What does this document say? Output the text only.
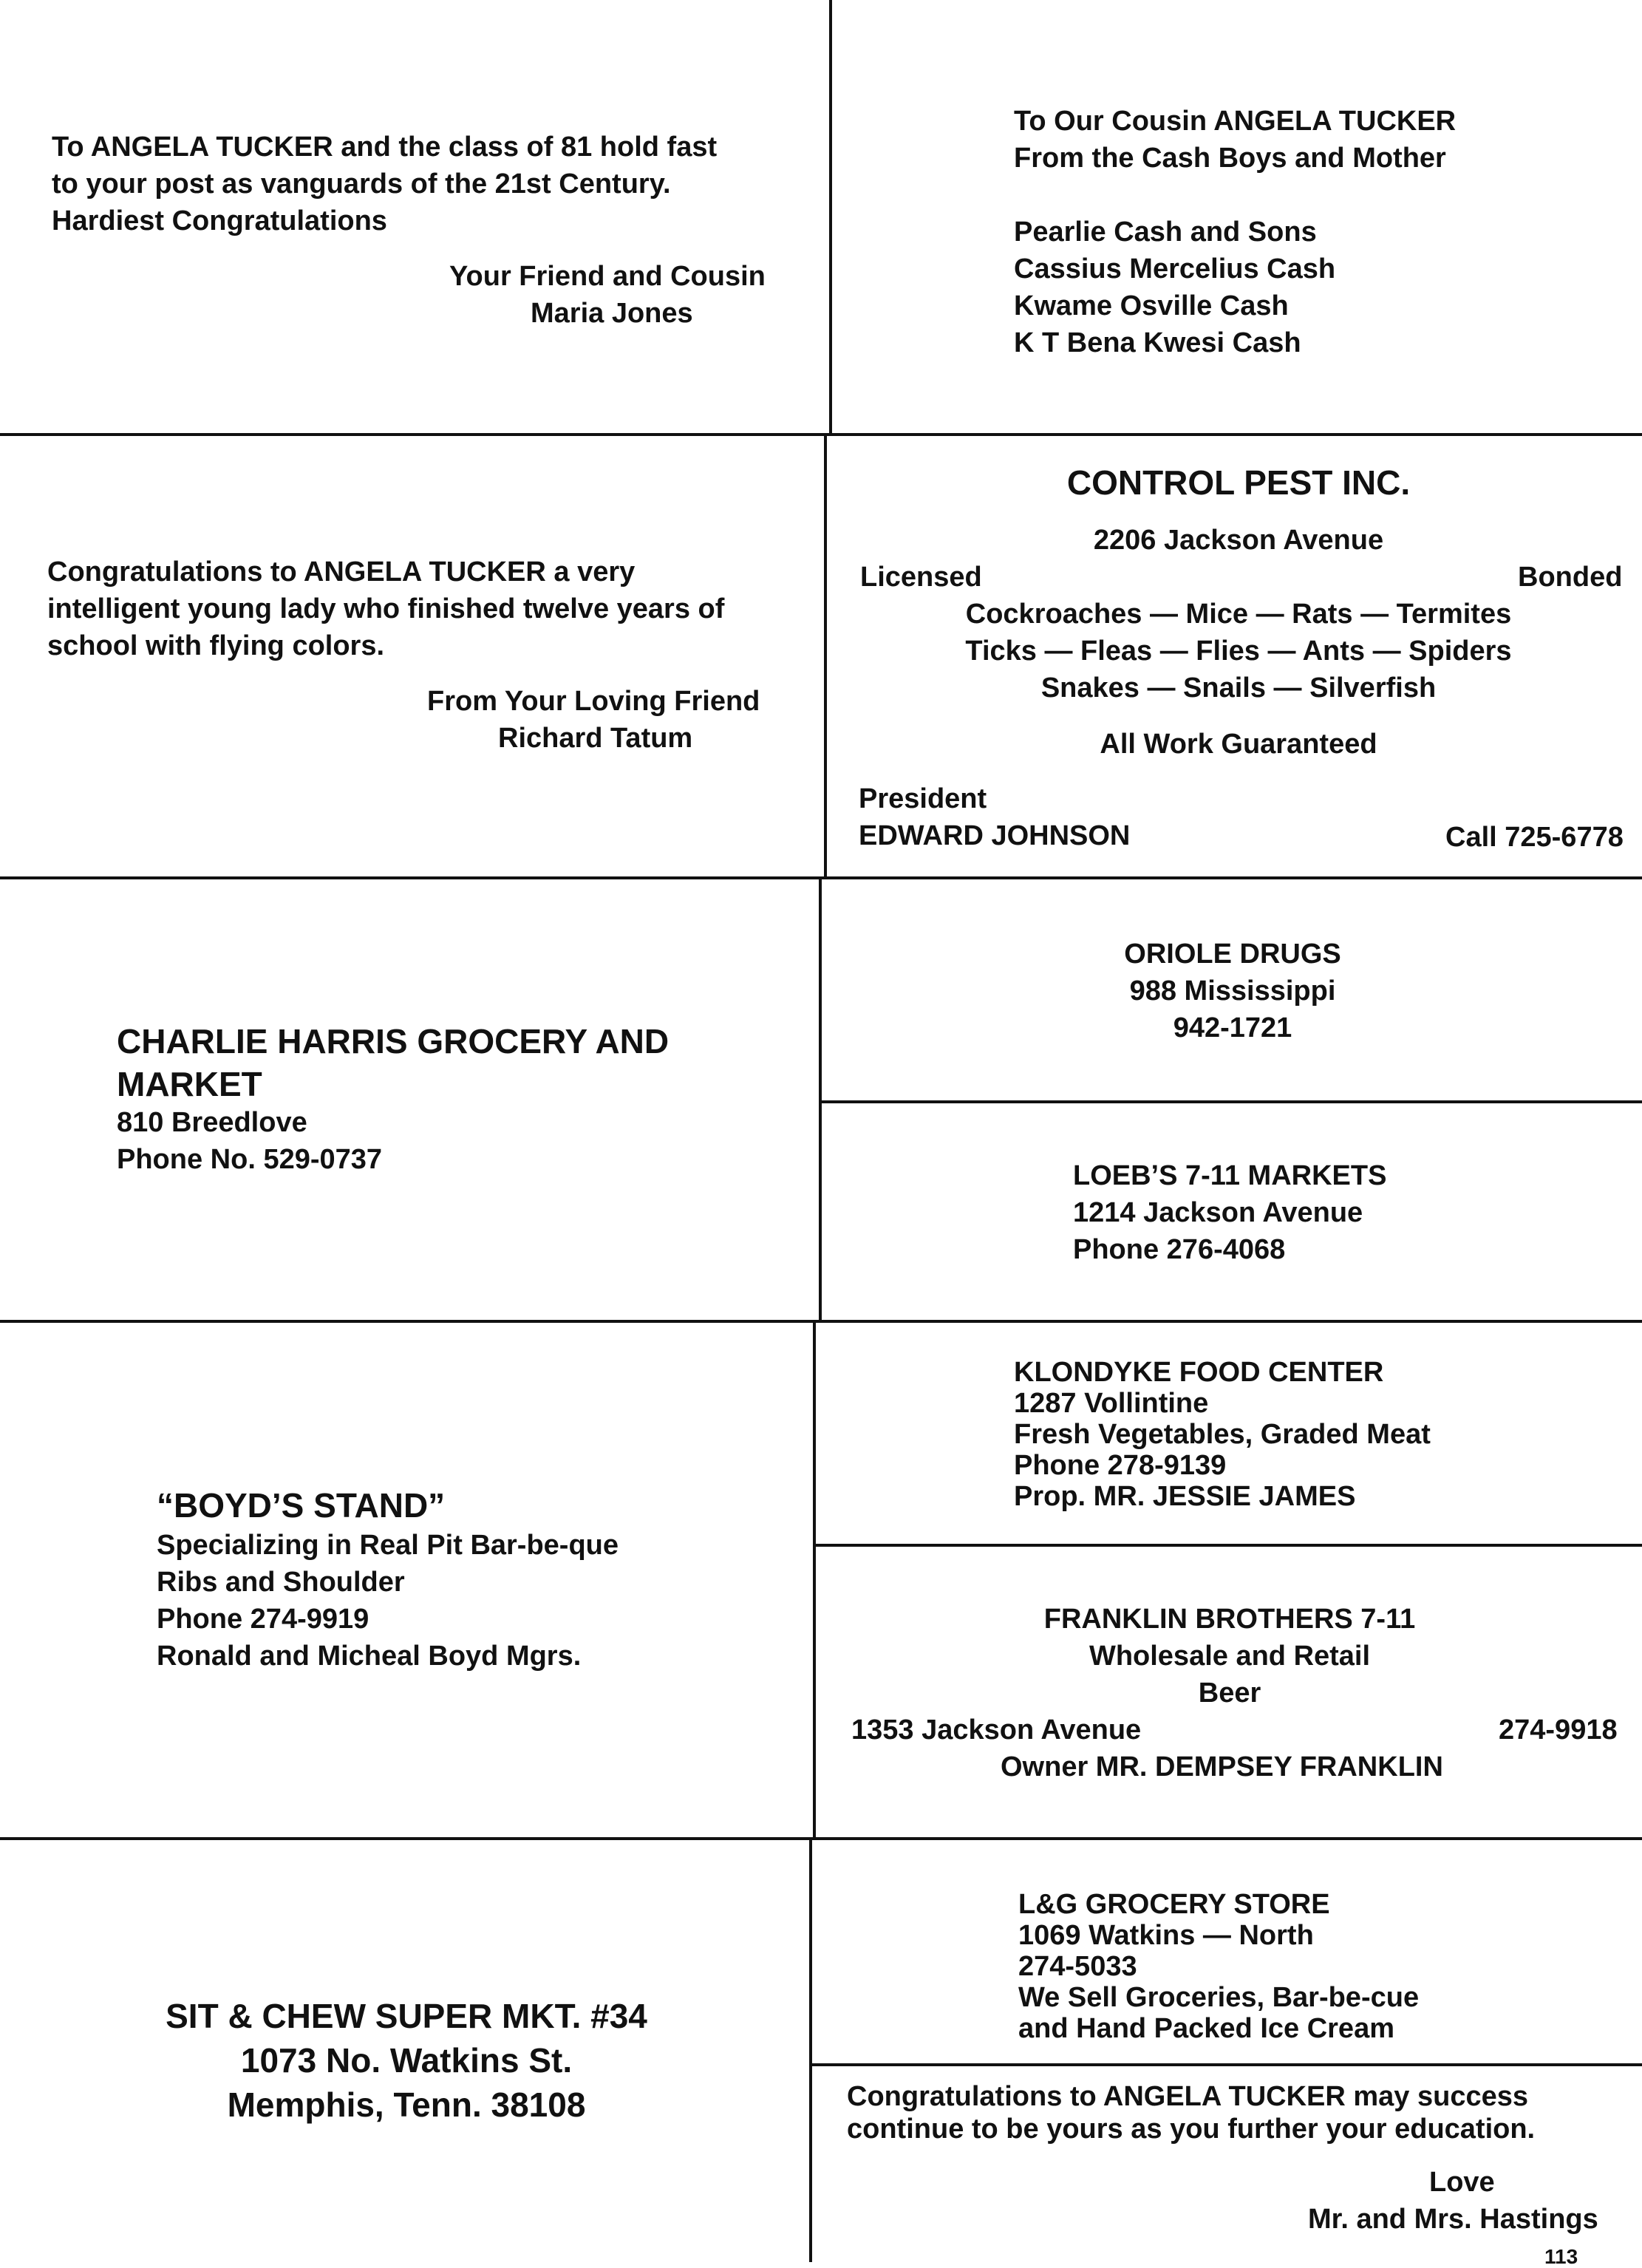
To ANGELA TUCKER and the class of 81 hold fast
to your post as vanguards of the 21st Century.
Hardiest Congratulations
Your Friend and Cousin
Maria Jones
To Our Cousin ANGELA TUCKER
From the Cash Boys and Mother
Pearlie Cash and Sons
Cassius Mercelius Cash
Kwame Osville Cash
K T Bena Kwesi Cash
Congratulations to ANGELA TUCKER a very
intelligent young lady who finished twelve years of
school with flying colors.
From Your Loving Friend
Richard Tatum
CONTROL PEST INC.
2206 Jackson Avenue
Licensed	Bonded
Cockroaches — Mice — Rats — Termites
Ticks — Fleas — Flies — Ants — Spiders
Snakes — Snails — Silverfish
All Work Guaranteed
President
EDWARD JOHNSON	Call 725-6778
CHARLIE HARRIS GROCERY AND
MARKET
810 Breedlove
Phone No. 529-0737
ORIOLE DRUGS
988 Mississippi
942-1721
LOEB’S 7-11 MARKETS
1214 Jackson Avenue
Phone 276-4068
“BOYD’S STAND”
Specializing in Real Pit Bar-be-que
Ribs and Shoulder
Phone 274-9919
Ronald and Micheal Boyd Mgrs.
KLONDYKE FOOD CENTER
1287 Vollintine
Fresh Vegetables, Graded Meat
Phone 278-9139
Prop. MR. JESSIE JAMES
FRANKLIN BROTHERS 7-11
Wholesale and Retail
Beer
1353 Jackson Avenue	274-9918
Owner MR. DEMPSEY FRANKLIN
SIT & CHEW SUPER MKT. #34
1073 No. Watkins St.
Memphis, Tenn. 38108
L&G GROCERY STORE
1069 Watkins — North
274-5033
We Sell Groceries, Bar-be-cue
and Hand Packed Ice Cream
Congratulations to ANGELA TUCKER may success
continue to be yours as you further your education.
Love
Mr. and Mrs. Hastings
113
